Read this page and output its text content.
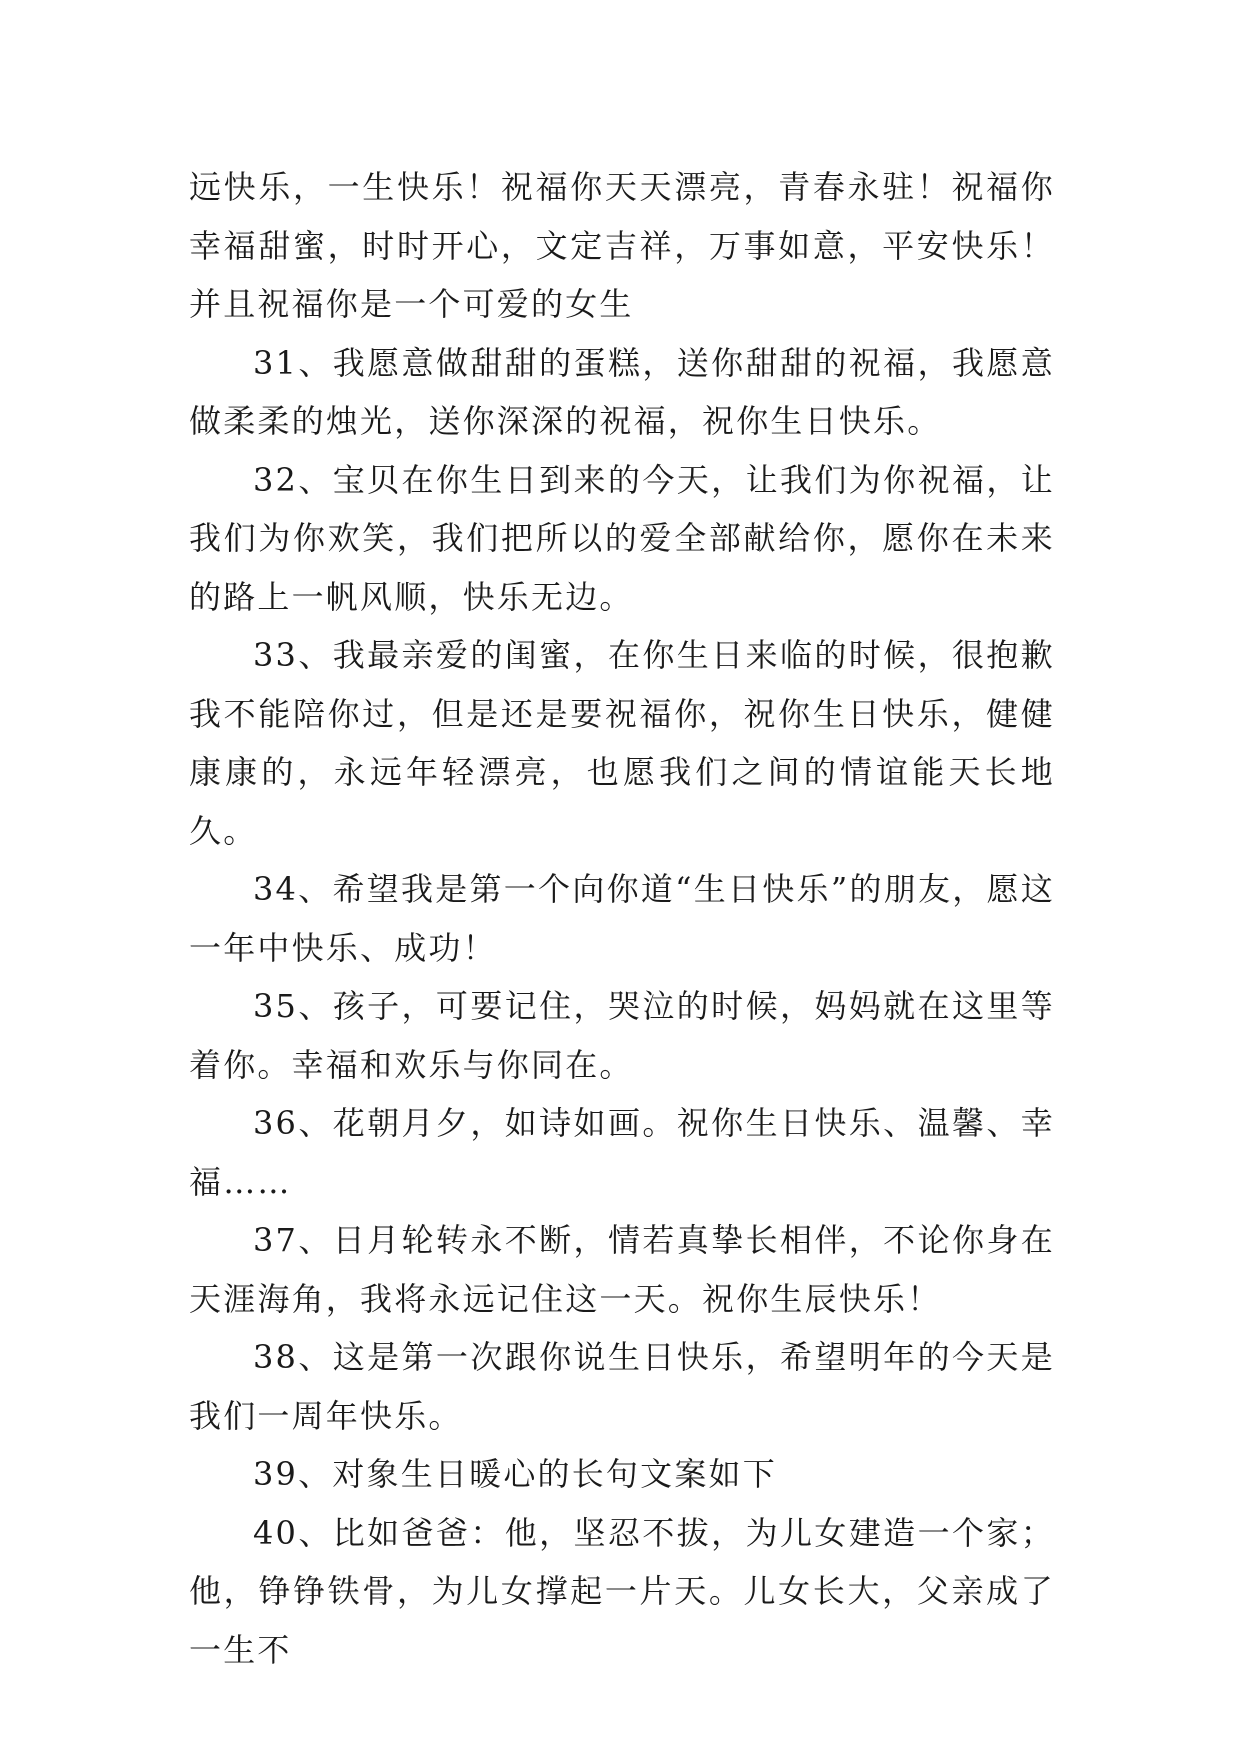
远快乐，一生快乐！祝福你天天漂亮，青春永驻！祝福你幸福甜蜜，时时开心，文定吉祥，万事如意，平安快乐！并且祝福你是一个可爱的女生

31、我愿意做甜甜的蛋糕，送你甜甜的祝福，我愿意做柔柔的烛光，送你深深的祝福，祝你生日快乐。

32、宝贝在你生日到来的今天，让我们为你祝福，让我们为你欢笑，我们把所以的爱全部献给你，愿你在未来的路上一帆风顺，快乐无边。

33、我最亲爱的闺蜜，在你生日来临的时候，很抱歉我不能陪你过，但是还是要祝福你，祝你生日快乐，健健康康的，永远年轻漂亮，也愿我们之间的情谊能天长地久。

34、希望我是第一个向你道“生日快乐”的朋友，愿这一年中快乐、成功！

35、孩子，可要记住，哭泣的时候，妈妈就在这里等着你。幸福和欢乐与你同在。

36、花朝月夕，如诗如画。祝你生日快乐、温馨、幸福……

37、日月轮转永不断，情若真挚长相伴，不论你身在天涯海角，我将永远记住这一天。祝你生辰快乐！

38、这是第一次跟你说生日快乐，希望明年的今天是我们一周年快乐。

39、对象生日暖心的长句文案如下

40、比如爸爸：他，坚忍不拔，为儿女建造一个家；他，铮铮铁骨，为儿女撑起一片天。儿女长大，父亲成了一生不
